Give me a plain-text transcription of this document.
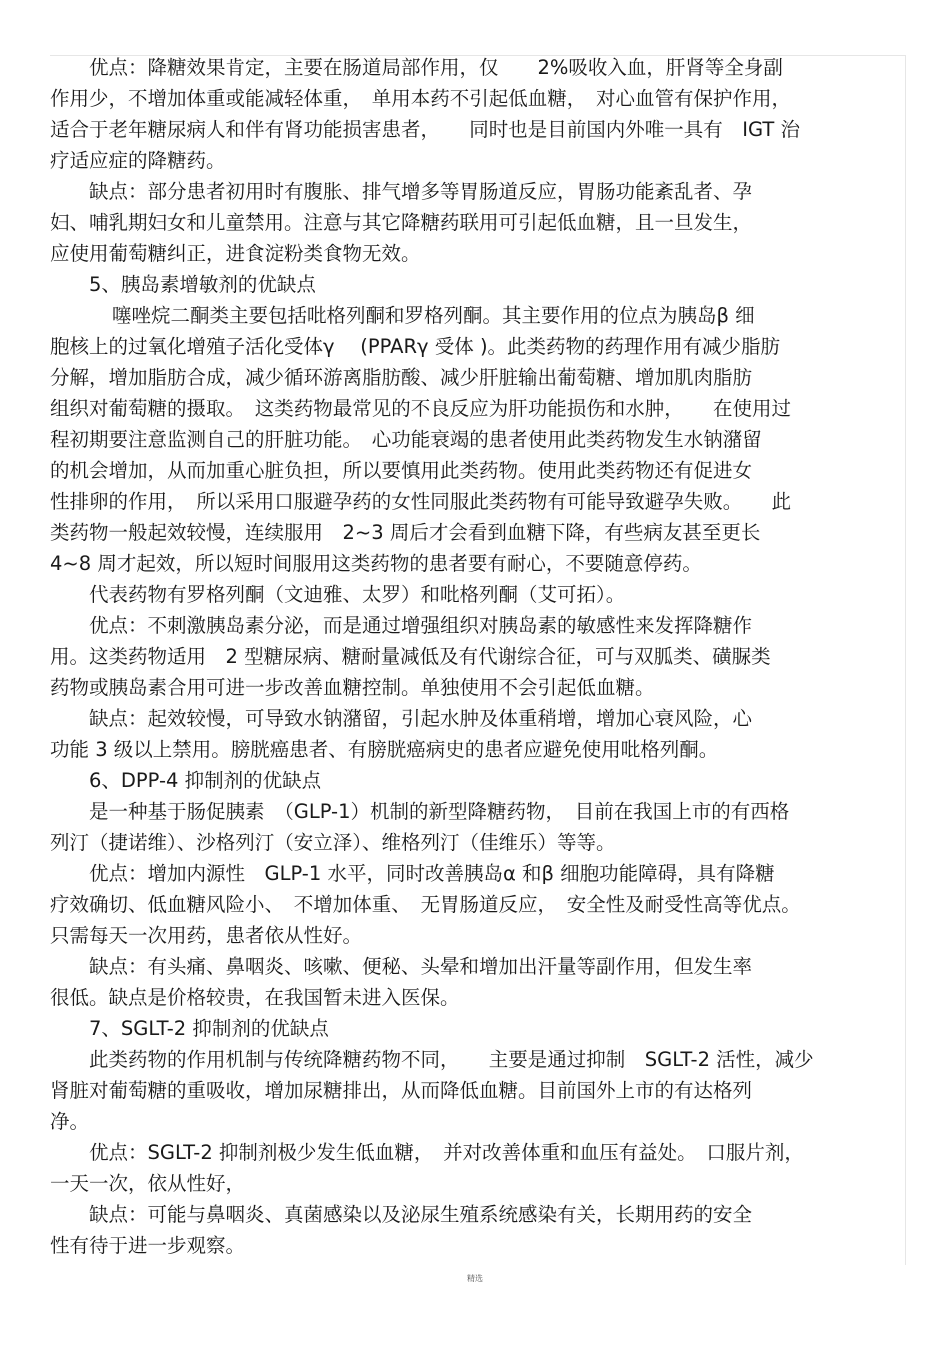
优点：降糖效果肯定，主要在肠道局部作用，仅　　2%吸收入血，肝肾等全身副
作用少，不增加体重或能减轻体重，　单用本药不引起低血糖，　对心血管有保护作用，
适合于老年糖尿病人和伴有肾功能损害患者，　　同时也是目前国内外唯一具有　IGT 治
疗适应症的降糖药。
缺点：部分患者初用时有腹胀、排气增多等胃肠道反应，胃肠功能紊乱者、孕
妇、哺乳期妇女和儿童禁用。注意与其它降糖药联用可引起低血糖，且一旦发生，
应使用葡萄糖纠正，进食淀粉类食物无效。
5、胰岛素增敏剂的优缺点
噻唑烷二酮类主要包括吡格列酮和罗格列酮。其主要作用的位点为胰岛β 细
胞核上的过氧化增殖子活化受体γ　 (PPARγ 受体 )。此类药物的药理作用有减少脂肪
分解，增加脂肪合成，减少循环游离脂肪酸、减少肝脏输出葡萄糖、增加肌肉脂肪
组织对葡萄糖的摄取。　这类药物最常见的不良反应为肝功能损伤和水肿，　　在使用过
程初期要注意监测自己的肝脏功能。　心功能衰竭的患者使用此类药物发生水钠潴留
的机会增加，从而加重心脏负担，所以要慎用此类药物。使用此类药物还有促进女
性排卵的作用，　所以采用口服避孕药的女性同服此类药物有可能导致避孕失败。　　此
类药物一般起效较慢，连续服用　2~3 周后才会看到血糖下降，有些病友甚至更长
4~8 周才起效，所以短时间服用这类药物的患者要有耐心，不要随意停药。
代表药物有罗格列酮（文迪雅、太罗）和吡格列酮（艾可拓）。
优点：不刺激胰岛素分泌，而是通过增强组织对胰岛素的敏感性来发挥降糖作
用。这类药物适用　2 型糖尿病、糖耐量减低及有代谢综合征，可与双胍类、磺脲类
药物或胰岛素合用可进一步改善血糖控制。单独使用不会引起低血糖。
缺点：起效较慢，可导致水钠潴留，引起水肿及体重稍增，增加心衰风险，心
功能 3 级以上禁用。膀胱癌患者、有膀胱癌病史的患者应避免使用吡格列酮。
6、DPP-4 抑制剂的优缺点
是一种基于肠促胰素　（GLP-1）机制的新型降糖药物，　目前在我国上市的有西格
列汀（捷诺维）、沙格列汀（安立泽）、维格列汀（佳维乐）等等。
优点：增加内源性　GLP-1 水平，同时改善胰岛α 和β 细胞功能障碍，具有降糖
疗效确切、低血糖风险小、　不增加体重、　无胃肠道反应，　安全性及耐受性高等优点。
只需每天一次用药，患者依从性好。
缺点：有头痛、鼻咽炎、咳嗽、便秘、头晕和增加出汗量等副作用，但发生率
很低。缺点是价格较贵，在我国暂未进入医保。
7、SGLT-2 抑制剂的优缺点
此类药物的作用机制与传统降糖药物不同，　　主要是通过抑制　SGLT-2 活性，减少
肾脏对葡萄糖的重吸收，增加尿糖排出，从而降低血糖。目前国外上市的有达格列
净。
优点：SGLT-2 抑制剂极少发生低血糖，　并对改善体重和血压有益处。　口服片剂，
一天一次，依从性好，
缺点：可能与鼻咽炎、真菌感染以及泌尿生殖系统感染有关，长期用药的安全
性有待于进一步观察。
精选
